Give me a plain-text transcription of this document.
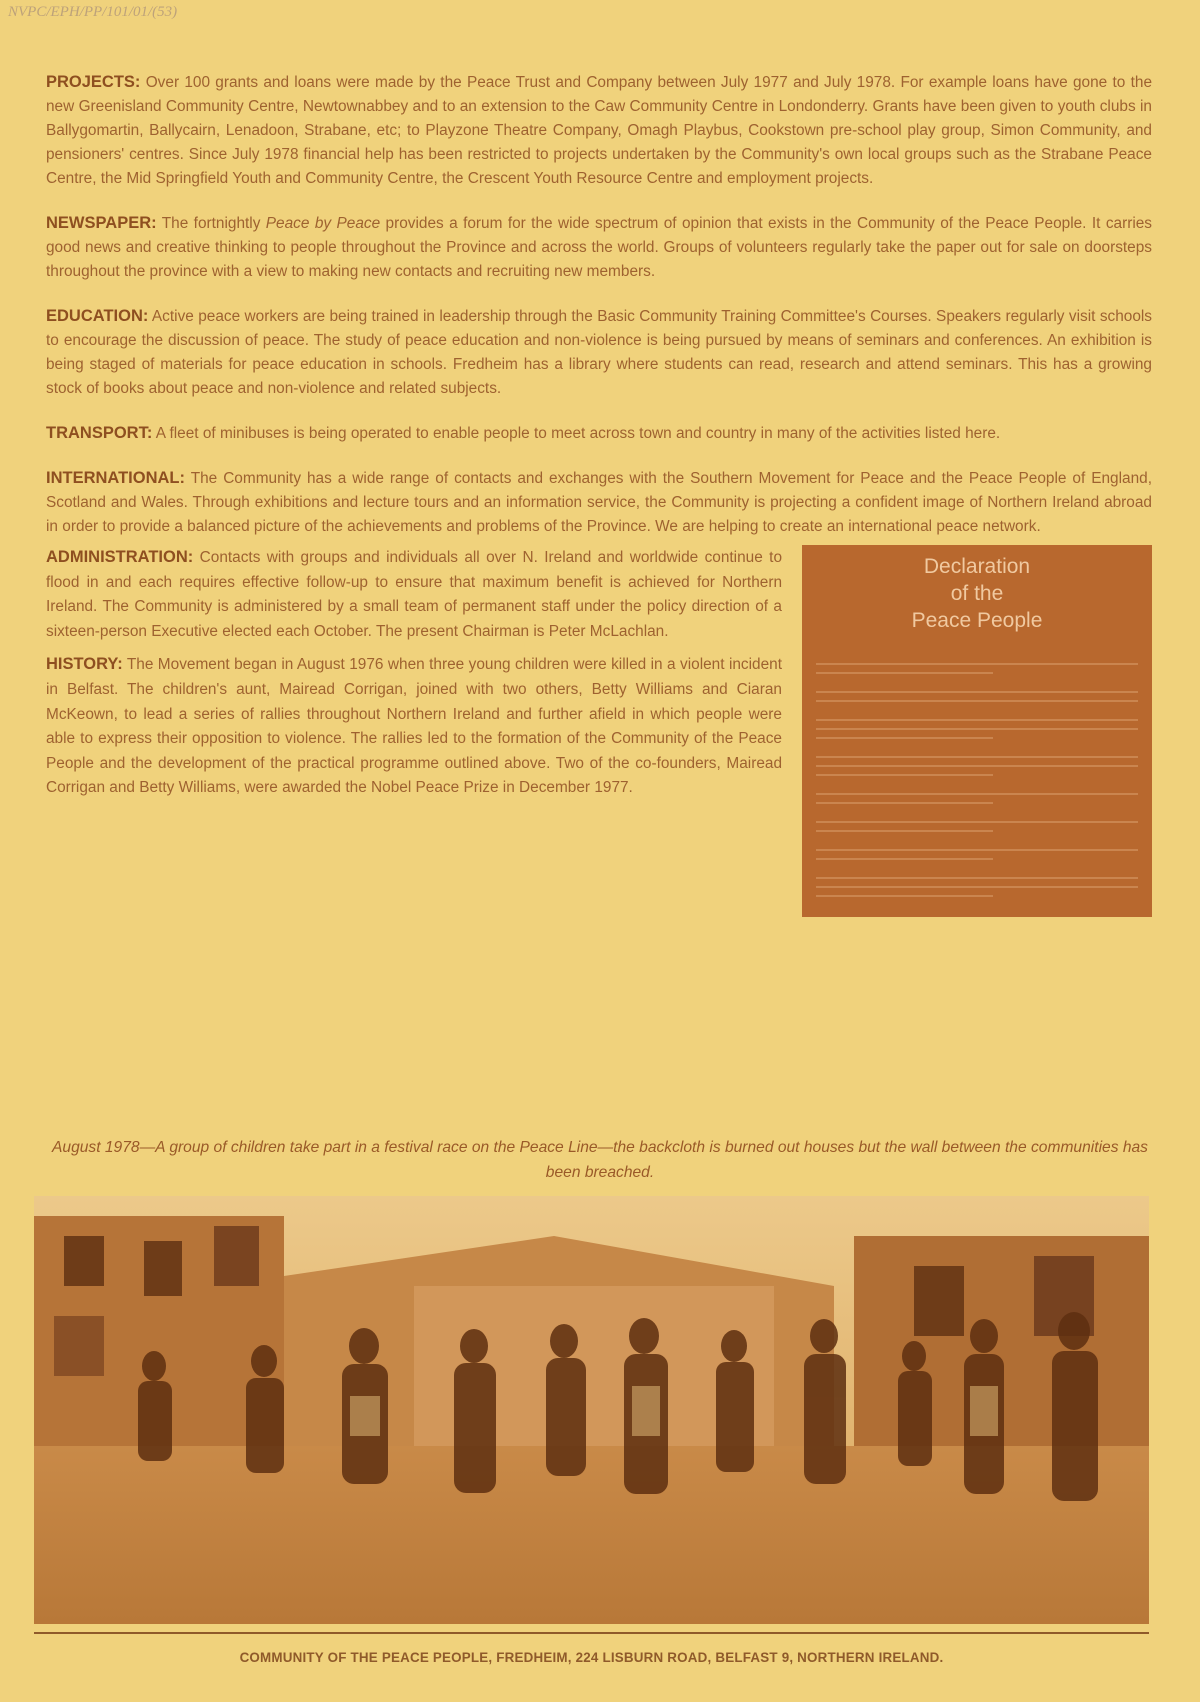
NVPC/EPH/PP/101/01/(53)

PROJECTS: Over 100 grants and loans were made by the Peace Trust and Company between July 1977 and July 1978. For example loans have gone to the new Greenisland Community Centre, Newtownabbey and to an extension to the Caw Community Centre in Londonderry. Grants have been given to youth clubs in Ballygomartin, Ballycairn, Lenadoon, Strabane, etc; to Playzone Theatre Company, Omagh Playbus, Cookstown pre-school play group, Simon Community, and pensioners' centres. Since July 1978 financial help has been restricted to projects undertaken by the Community's own local groups such as the Strabane Peace Centre, the Mid Springfield Youth and Community Centre, the Crescent Youth Resource Centre and employment projects.

NEWSPAPER: The fortnightly Peace by Peace provides a forum for the wide spectrum of opinion that exists in the Community of the Peace People. It carries good news and creative thinking to people throughout the Province and across the world. Groups of volunteers regularly take the paper out for sale on doorsteps throughout the province with a view to making new contacts and recruiting new members.

EDUCATION: Active peace workers are being trained in leadership through the Basic Community Training Committee's Courses. Speakers regularly visit schools to encourage the discussion of peace. The study of peace education and non-violence is being pursued by means of seminars and conferences. An exhibition is being staged of materials for peace education in schools. Fredheim has a library where students can read, research and attend seminars. This has a growing stock of books about peace and non-violence and related subjects.

TRANSPORT: A fleet of minibuses is being operated to enable people to meet across town and country in many of the activities listed here.

INTERNATIONAL: The Community has a wide range of contacts and exchanges with the Southern Movement for Peace and the Peace People of England, Scotland and Wales. Through exhibitions and lecture tours and an information service, the Community is projecting a confident image of Northern Ireland abroad in order to provide a balanced picture of the achievements and problems of the Province. We are helping to create an international peace network.

ADMINISTRATION: Contacts with groups and individuals all over N. Ireland and worldwide continue to flood in and each requires effective follow-up to ensure that maximum benefit is achieved for Northern Ireland. The Community is administered by a small team of permanent staff under the policy direction of a sixteen-person Executive elected each October. The present Chairman is Peter McLachlan.

HISTORY: The Movement began in August 1976 when three young children were killed in a violent incident in Belfast. The children's aunt, Mairead Corrigan, joined with two others, Betty Williams and Ciaran McKeown, to lead a series of rallies throughout Northern Ireland and further afield in which people were able to express their opposition to violence. The rallies led to the formation of the Community of the Peace People and the development of the practical programme outlined above. Two of the co-founders, Mairead Corrigan and Betty Williams, were awarded the Nobel Peace Prize in December 1977.

Declaration
of the
Peace People
August 1978—A group of children take part in a festival race on the Peace Line—the backcloth is burned out houses but the wall between the communities has been breached.
COMMUNITY OF THE PEACE PEOPLE, FREDHEIM, 224 LISBURN ROAD, BELFAST 9, NORTHERN IRELAND.
